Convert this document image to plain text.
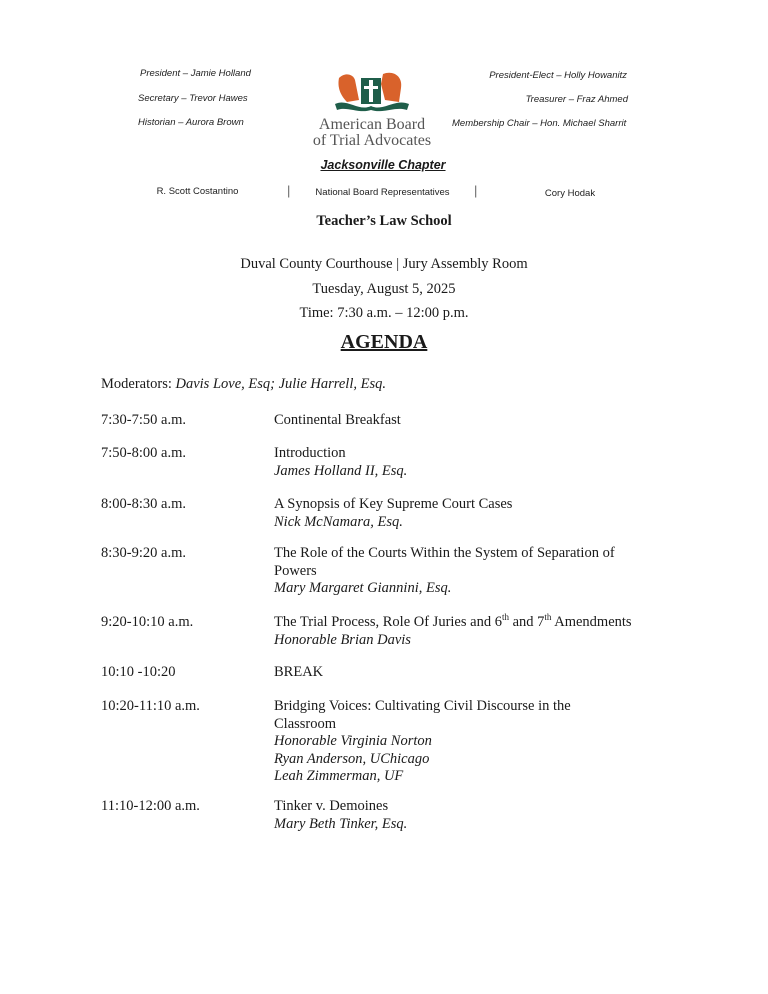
President – Jamie Holland
Secretary – Trevor Hawes
Historian – Aurora Brown
President-Elect – Holly Howanitz
Treasurer – Fraz Ahmed
Membership Chair – Hon. Michael Sharrit
American Board
of Trial Advocates
Jacksonville Chapter
R. Scott Costantino	|	National Board Representatives	|	Cory Hodak
Teacher’s Law School
Duval County Courthouse | Jury Assembly Room
Tuesday, August 5, 2025
Time: 7:30 a.m. – 12:00 p.m.
AGENDA
Moderators: Davis Love, Esq; Julie Harrell, Esq.
7:30-7:50 a.m.	Continental Breakfast
7:50-8:00 a.m.	Introduction
James Holland II, Esq.
8:00-8:30 a.m.	A Synopsis of Key Supreme Court Cases
Nick McNamara, Esq.
8:30-9:20 a.m.	The Role of the Courts Within the System of Separation of Powers
Mary Margaret Giannini, Esq.
9:20-10:10 a.m.	The Trial Process, Role Of Juries and 6th and 7th Amendments
Honorable Brian Davis
10:10 -10:20	BREAK
10:20-11:10 a.m.	Bridging Voices: Cultivating Civil Discourse in the Classroom
Honorable Virginia Norton
Ryan Anderson, UChicago
Leah Zimmerman, UF
11:10-12:00 a.m.	Tinker v. Demoines
Mary Beth Tinker, Esq.
